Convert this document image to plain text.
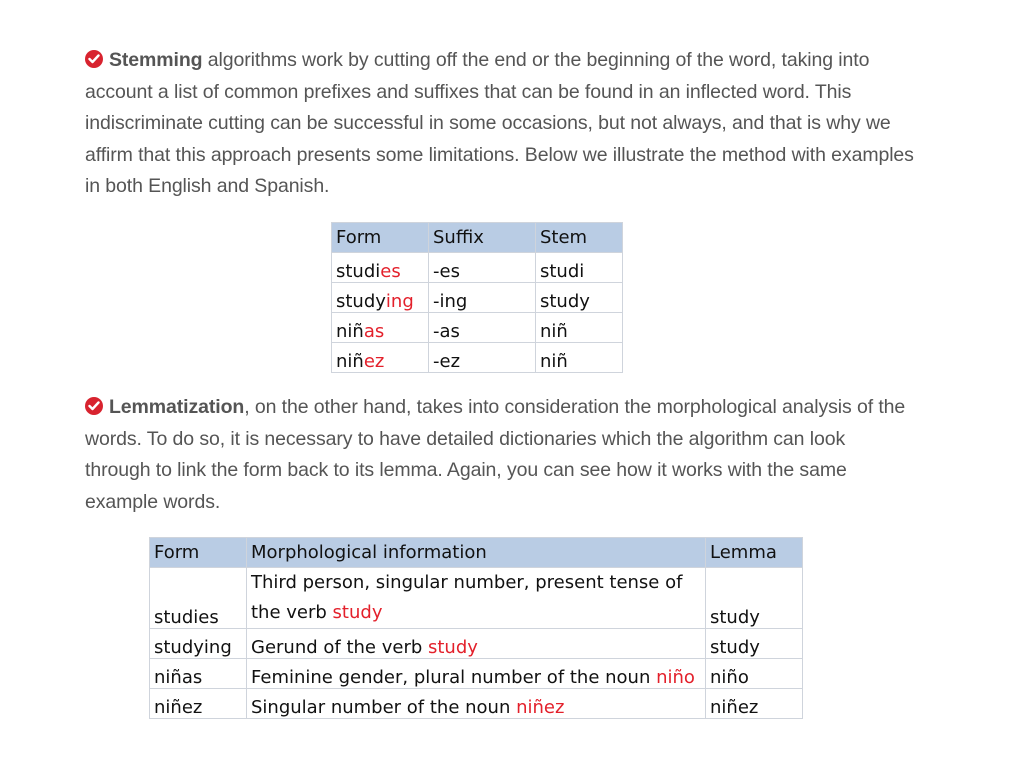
Stemming algorithms work by cutting off the end or the beginning of the word, taking into account a list of common prefixes and suffixes that can be found in an inflected word. This indiscriminate cutting can be successful in some occasions, but not always, and that is why we affirm that this approach presents some limitations. Below we illustrate the method with examples in both English and Spanish.
Form	Suffix	Stem
studies	-es	studi
studying	-ing	study
niñas	-as	niñ
niñez	-ez	niñ
Lemmatization, on the other hand, takes into consideration the morphological analysis of the words. To do so, it is necessary to have detailed dictionaries which the algorithm can look through to link the form back to its lemma. Again, you can see how it works with the same example words.
Form	Morphological information	Lemma
studies	Third person, singular number, present tense of the verb study	study
studying	Gerund of the verb study	study
niñas	Feminine gender, plural number of the noun niño	niño
niñez	Singular number of the noun niñez	niñez
